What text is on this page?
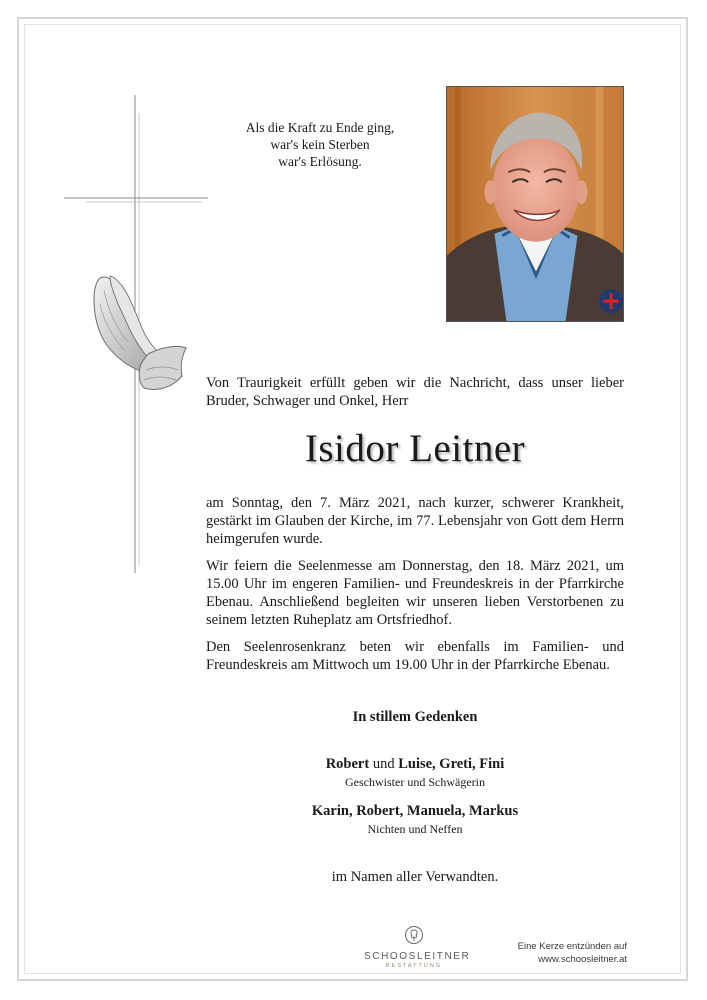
Als die Kraft zu Ende ging,
war's kein Sterben
war's Erlösung.
Von Traurigkeit erfüllt geben wir die Nachricht, dass unser lieber Bruder, Schwager und Onkel, Herr
Isidor Leitner
am Sonntag, den 7. März 2021, nach kurzer, schwerer Krankheit, gestärkt im Glauben der Kirche, im 77. Lebensjahr von Gott dem Herrn heimgerufen wurde.
Wir feiern die Seelenmesse am Donnerstag, den 18. März 2021, um 15.00 Uhr im engeren Familien- und Freundeskreis in der Pfarrkirche Ebenau. Anschließend begleiten wir unseren lieben Verstorbenen zu seinem letzten Ruheplatz am Ortsfriedhof.
Den Seelenrosenkranz beten wir ebenfalls im Familien- und Freundeskreis am Mittwoch um 19.00 Uhr in der Pfarrkirche Ebenau.
In stillem Gedenken
Robert und Luise, Greti, Fini
Geschwister und Schwägerin
Karin, Robert, Manuela, Markus
Nichten und Neffen
im Namen aller Verwandten.
SCHOOSLEITNER
BESTATTUNG
Eine Kerze entzünden auf
www.schoosleitner.at
